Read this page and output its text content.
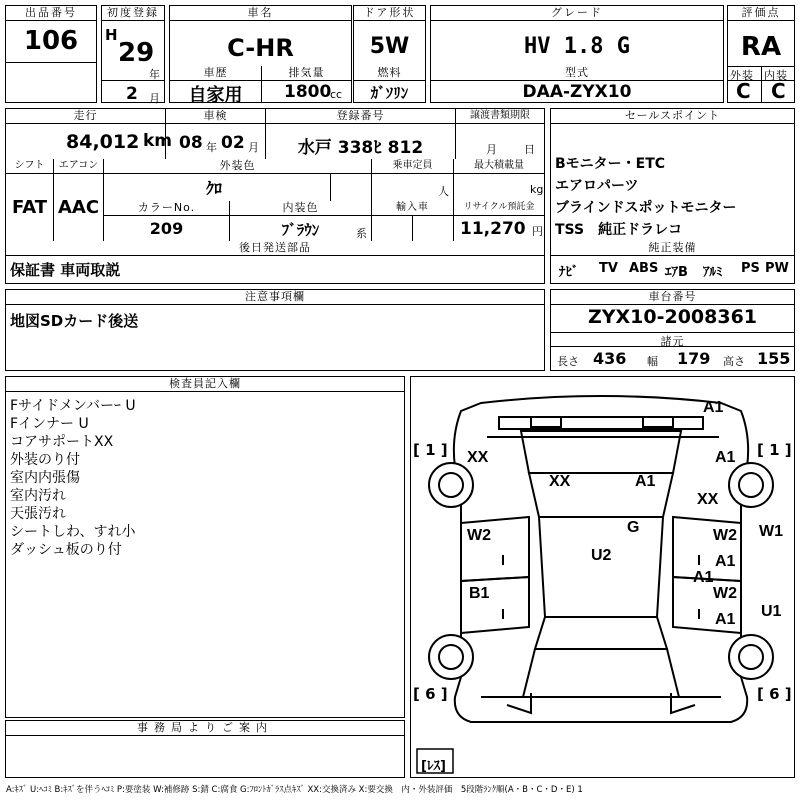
出品番号
106
初度登録
H
29
年
2 月
車名
C-HR
車歴
自家用
排気量
1800
cc
ドア形状
5W
燃料
ｶﾞｿﾘﾝ
グレード
HV 1.8 G
型式
DAA-ZYX10
評価点
RA
外装 内装
C C
走行
84,012 km
車検
08 年 02 月
登録番号
水戸 338ﾋ 812
譲渡書類期限
月 日
シフト
FAT
エアコン
AAC
外装色
ｸﾛ
乗車定員
人
最大積載量
kg
カラーNo.
209
内装色
ﾌﾞﾗｳﾝ	系
輸入車	リサイクル預託金
11,270 円
後日発送部品
保証書 車両取説
セールスポイント
Bモニター・ETC
エアロパーツ
ブラインドスポットモニター
TSS　純正ドラレコ
純正装備
ﾅﾋﾞ TV ABS ｴｱB ｱﾙﾐ PS PW
注意事項欄
地図SDカード後送
車台番号
ZYX10-2008361
諸元
長さ 436 幅 179 高さ 155
検査員記入欄
Fサイドメンバーｰ U
Fインナー U
コアサポートXX
外装のり付
室内内張傷
室内汚れ
天張汚れ
シートしわ、すれ小
ダッシュ板のり付
事務局よりご案内
[ 1 ]	[ 1 ]
[ 6 ]	[ 6 ]
[ﾚｽ]
A1
XX
XX	A1
A1
XX
G
W2	W2
A1
A1
U2
W2
A1
B1
W1
U1
A:ｷｽﾞ U:ﾍｺﾐ B:ｷｽﾞを伴うﾍｺﾐ P:要塗装 W:補修跡 S:錆 C:腐食 G:ﾌﾛﾝﾄｶﾞﾗｽ点ｷｽﾞ XX:交換済み X:要交換　内・外装評価　5段階ﾗﾝｸ順(A・B・C・D・E) 1
